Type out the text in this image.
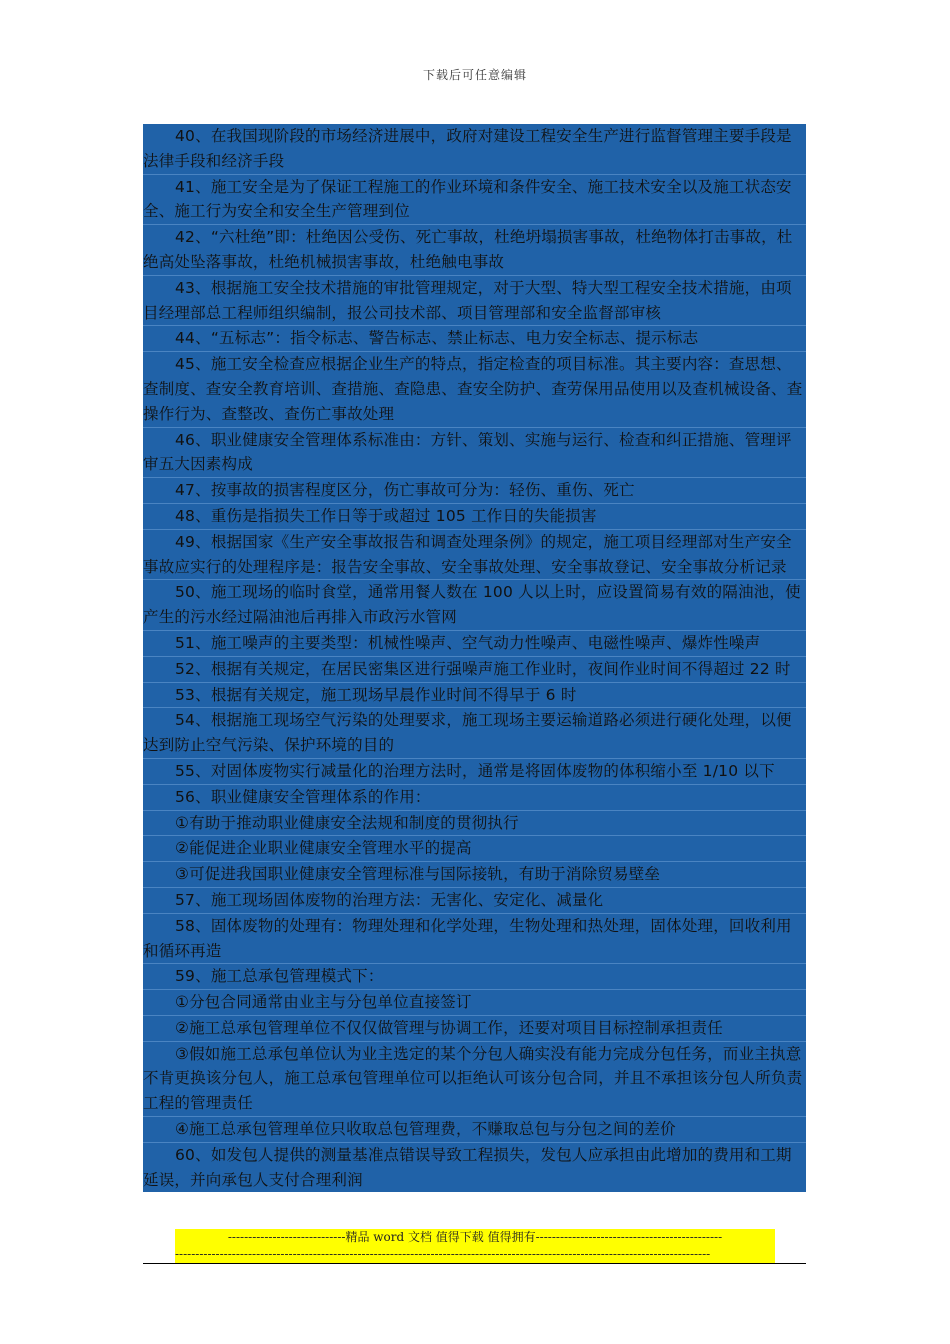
下载后可任意编辑
40、在我国现阶段的市场经济进展中，政府对建设工程安全生产进行监督管理主要手段是法律手段和经济手段
41、施工安全是为了保证工程施工的作业环境和条件安全、施工技术安全以及施工状态安全、施工行为安全和安全生产管理到位
42、“六杜绝”即：杜绝因公受伤、死亡事故，杜绝坍塌损害事故，杜绝物体打击事故，杜绝高处坠落事故，杜绝机械损害事故，杜绝触电事故
43、根据施工安全技术措施的审批管理规定，对于大型、特大型工程安全技术措施，由项目经理部总工程师组织编制，报公司技术部、项目管理部和安全监督部审核
44、“五标志”：指令标志、警告标志、禁止标志、电力安全标志、提示标志
45、施工安全检查应根据企业生产的特点，指定检查的项目标准。其主要内容：查思想、查制度、查安全教育培训、查措施、查隐患、查安全防护、查劳保用品使用以及查机械设备、查操作行为、查整改、查伤亡事故处理
46、职业健康安全管理体系标准由：方针、策划、实施与运行、检查和纠正措施、管理评审五大因素构成
47、按事故的损害程度区分，伤亡事故可分为：轻伤、重伤、死亡
48、重伤是指损失工作日等于或超过 105 工作日的失能损害
49、根据国家《生产安全事故报告和调查处理条例》的规定，施工项目经理部对生产安全事故应实行的处理程序是：报告安全事故、安全事故处理、安全事故登记、安全事故分析记录
50、施工现场的临时食堂，通常用餐人数在 100 人以上时，应设置简易有效的隔油池，使产生的污水经过隔油池后再排入市政污水管网
51、施工噪声的主要类型：机械性噪声、空气动力性噪声、电磁性噪声、爆炸性噪声
52、根据有关规定，在居民密集区进行强噪声施工作业时，夜间作业时间不得超过 22 时
53、根据有关规定，施工现场早晨作业时间不得早于 6 时
54、根据施工现场空气污染的处理要求，施工现场主要运输道路必须进行硬化处理，以便达到防止空气污染、保护环境的目的
55、对固体废物实行减量化的治理方法时，通常是将固体废物的体积缩小至 1/10 以下
56、职业健康安全管理体系的作用：
①有助于推动职业健康安全法规和制度的贯彻执行
②能促进企业职业健康安全管理水平的提高
③可促进我国职业健康安全管理标准与国际接轨，有助于消除贸易壁垒
57、施工现场固体废物的治理方法：无害化、安定化、减量化
58、固体废物的处理有：物理处理和化学处理，生物处理和热处理，固体处理，回收利用和循环再造
59、施工总承包管理模式下：
①分包合同通常由业主与分包单位直接签订
②施工总承包管理单位不仅仅做管理与协调工作，还要对项目目标控制承担责任
③假如施工总承包单位认为业主选定的某个分包人确实没有能力完成分包任务，而业主执意不肯更换该分包人，施工总承包管理单位可以拒绝认可该分包合同，并且不承担该分包人所负责工程的管理责任
④施工总承包管理单位只收取总包管理费，不赚取总包与分包之间的差价
60、如发包人提供的测量基准点错误导致工程损失，发包人应承担由此增加的费用和工期延误，并向承包人支付合理利润
-----------------------------精品 word 文档 值得下载 值得拥有----------------------------------------------
------------------------------------------------------------------------------------------------------------------------------------
